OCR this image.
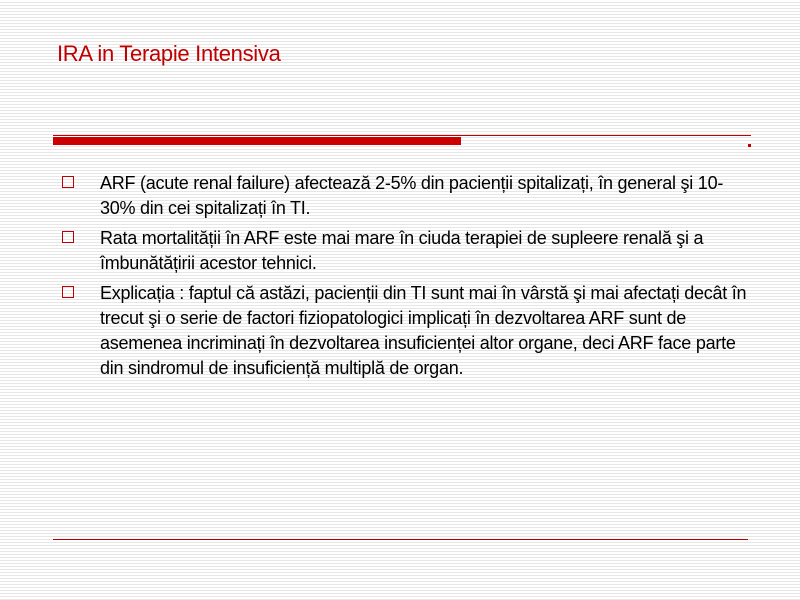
IRA in Terapie Intensiva
ARF (acute renal failure) afectează 2-5% din pacienții spitalizați, în general şi 10-30% din cei spitalizați în TI.
Rata mortalității în ARF este mai mare în ciuda terapiei de supleere renală şi a îmbunătățirii acestor tehnici.
Explicația : faptul că astăzi, pacienții din TI sunt mai în vârstă şi mai afectați decât în trecut şi o serie de factori fiziopatologici implicați în dezvoltarea ARF sunt de asemenea incriminați în dezvoltarea insuficienței altor organe, deci ARF face parte din sindromul de insuficiență multiplă de organ.
